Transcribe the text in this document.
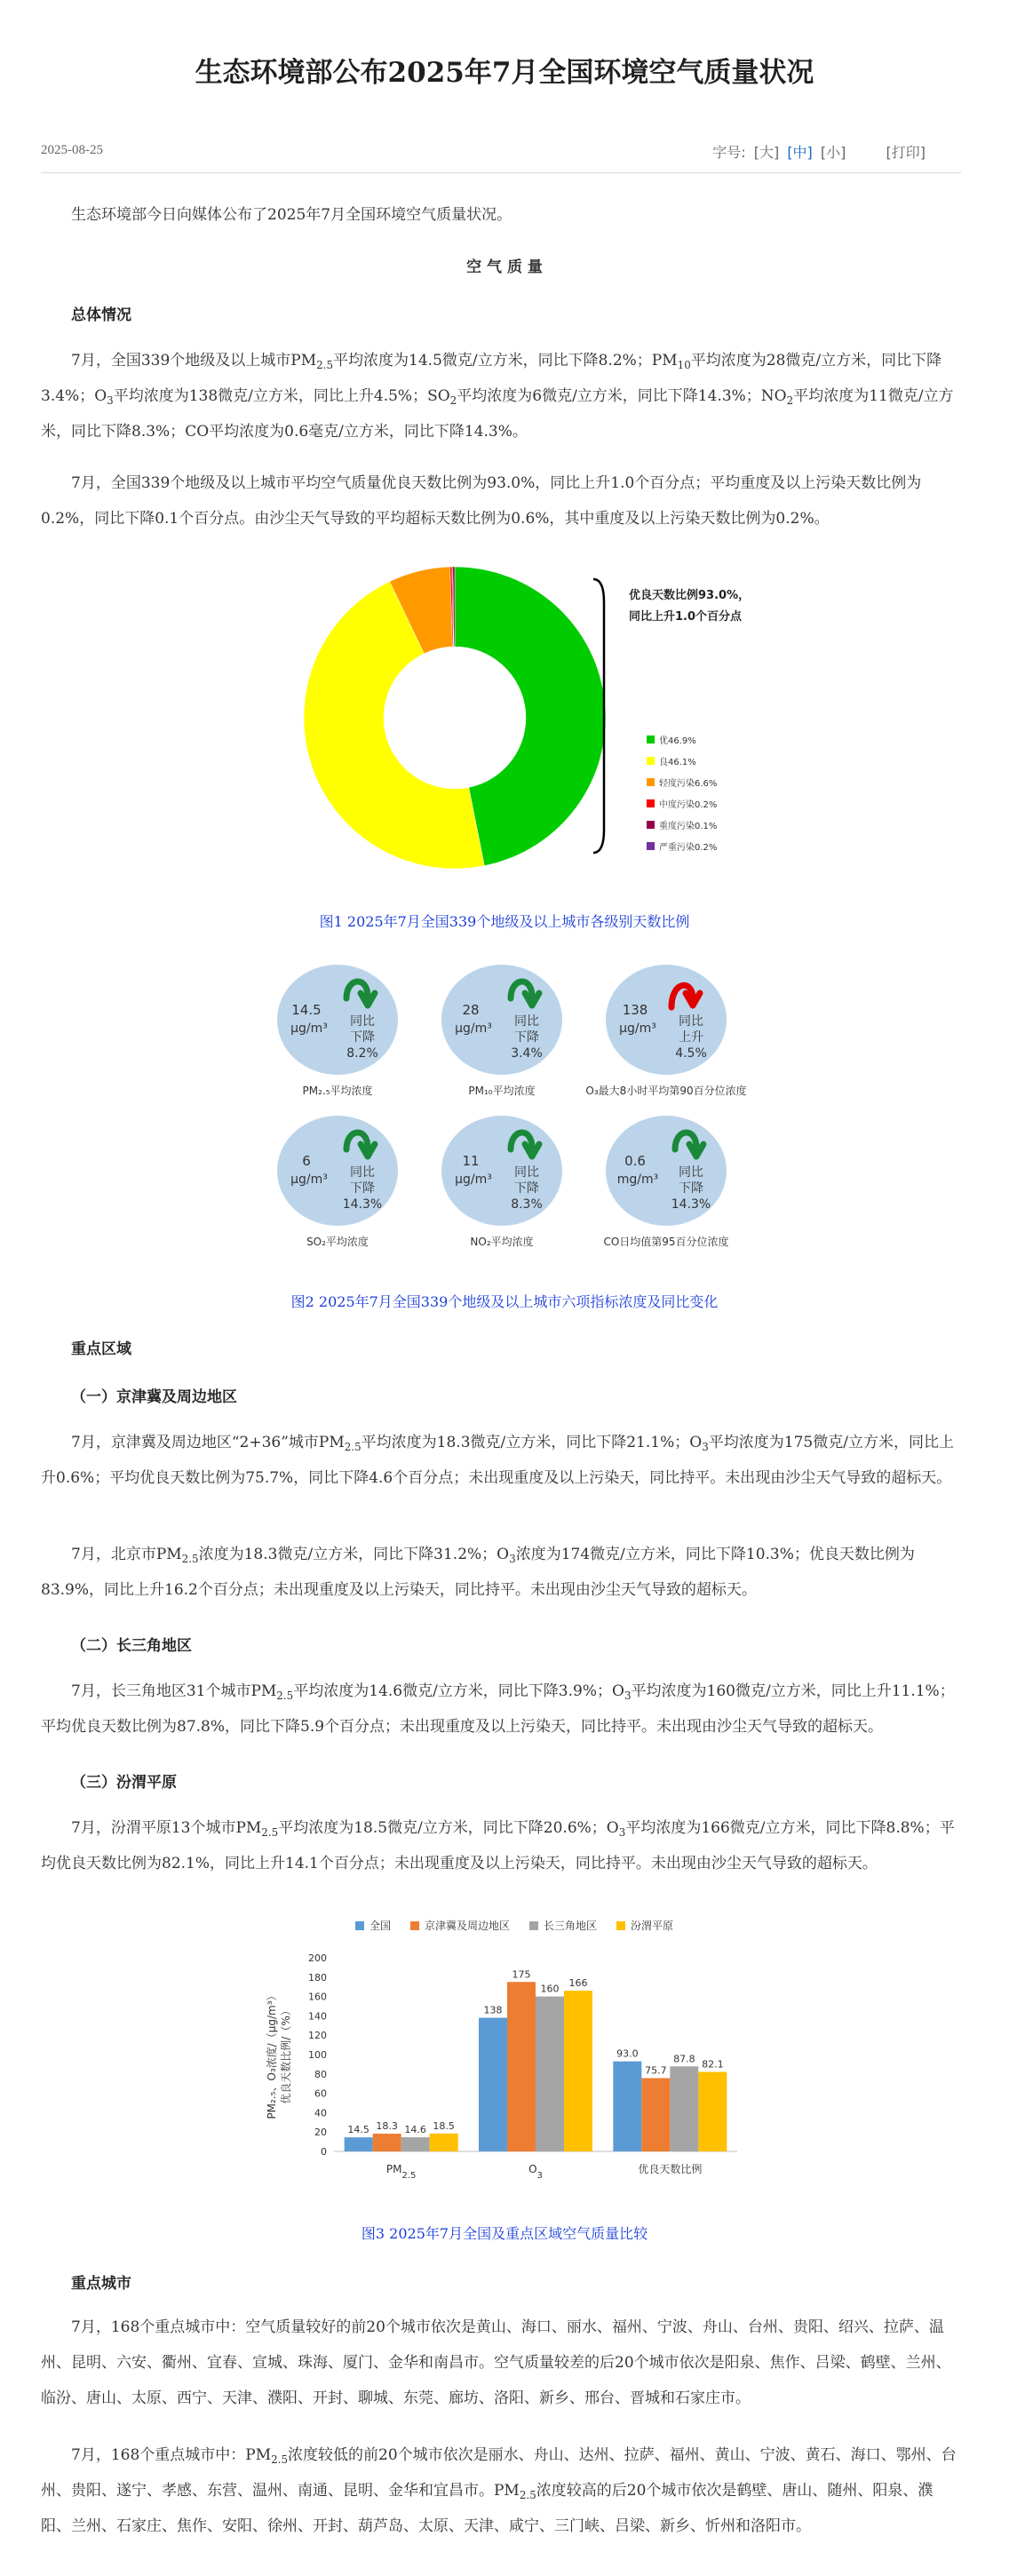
生态环境部公布2025年7月全国环境空气质量状况
2025-08-25	字号: [大] [中] [小]	[打印]
生态环境部今日向媒体公布了2025年7月全国环境空气质量状况。
空 气 质 量
总体情况
7月，全国339个地级及以上城市$PM_{2.5}$平均浓度为14.5微克/立方米，同比下降8.2%；$PM_{10}$平均浓度为28微克/立方米，同比下降3.4%；$O_3$平均浓度为138微克/立方米，同比上升4.5%；$SO_2$平均浓度为6微克/立方米，同比下降14.3%；$NO_2$平均浓度为11微克/立方米，同比下降8.3%；CO平均浓度为0.6毫克/立方米，同比下降14.3%。
7月，全国339个地级及以上城市平均空气质量优良天数比例为93.0%，同比上升1.0个百分点；平均重度及以上污染天数比例为0.2%，同比下降0.1个百分点。由沙尘天气导致的平均超标天数比例为0.6%，其中重度及以上污染天数比例为0.2%。
优良天数比例93.0%，
同比上升1.0个百分点
优46.9%
良46.1%
轻度污染6.6%
中度污染0.2%
重度污染0.1%
严重污染0.2%
图1 2025年7月全国339个地级及以上城市各级别天数比例
14.5
μg/m³ 同比
下降
8.2%
PM₂.₅平均浓度
28
μg/m³ 同比
下降
3.4%
PM₁₀平均浓度
138
μg/m³ 同比
上升
4.5%
O₃最大8小时平均第90百分位浓度
6
μg/m³ 同比
下降
14.3%
SO₂平均浓度
11
μg/m³ 同比
下降
8.3%
NO₂平均浓度
0.6
mg/m³ 同比
下降
14.3%
CO日均值第95百分位浓度
图2 2025年7月全国339个地级及以上城市六项指标浓度及同比变化
重点区域
（一）京津冀及周边地区
7月，京津冀及周边地区“2+36”城市$PM_{2.5}$平均浓度为18.3微克/立方米，同比下降21.1%；$O_3$平均浓度为175微克/立方米，同比上升0.6%；平均优良天数比例为75.7%，同比下降4.6个百分点；未出现重度及以上污染天，同比持平。未出现由沙尘天气导致的超标天。
7月，北京市$PM_{2.5}$浓度为18.3微克/立方米，同比下降31.2%；$O_3$浓度为174微克/立方米，同比下降10.3%；优良天数比例为83.9%，同比上升16.2个百分点；未出现重度及以上污染天，同比持平。未出现由沙尘天气导致的超标天。
（二）长三角地区
7月，长三角地区31个城市$PM_{2.5}$平均浓度为14.6微克/立方米，同比下降3.9%；$O_3$平均浓度为160微克/立方米，同比上升11.1%；平均优良天数比例为87.8%，同比下降5.9个百分点；未出现重度及以上污染天，同比持平。未出现由沙尘天气导致的超标天。
（三）汾渭平原
7月，汾渭平原13个城市$PM_{2.5}$平均浓度为18.5微克/立方米，同比下降20.6%；$O_3$平均浓度为166微克/立方米，同比下降8.8%；平均优良天数比例为82.1%，同比上升14.1个百分点；未出现重度及以上污染天，同比持平。未出现由沙尘天气导致的超标天。
全国	京津冀及周边地区	长三角地区	汾渭平原
0
20
40
60
80
100
120
140
160
180
200
PM₂.₅、O₃浓度/（μg/m³） 优良天数比例/（%）
14.5 18.3 14.6 18.5
$PM_{2.5}$
138
175
160
166
$O_3$
93.0
75.7
87.8 82.1
优良天数比例
图3 2025年7月全国及重点区域空气质量比较
重点城市
7月，168个重点城市中：空气质量较好的前20个城市依次是黄山、海口、丽水、福州、宁波、舟山、台州、贵阳、绍兴、拉萨、温州、昆明、六安、衢州、宜春、宣城、珠海、厦门、金华和南昌市。空气质量较差的后20个城市依次是阳泉、焦作、吕梁、鹤壁、兰州、临汾、唐山、太原、西宁、天津、濮阳、开封、聊城、东莞、廊坊、洛阳、新乡、邢台、晋城和石家庄市。
7月，168个重点城市中：$PM_{2.5}$浓度较低的前20个城市依次是丽水、舟山、达州、拉萨、福州、黄山、宁波、黄石、海口、鄂州、台州、贵阳、遂宁、孝感、东营、温州、南通、昆明、金华和宜昌市。$PM_{2.5}$浓度较高的后20个城市依次是鹤壁、唐山、随州、阳泉、濮阳、兰州、石家庄、焦作、安阳、徐州、开封、葫芦岛、太原、天津、咸宁、三门峡、吕梁、新乡、忻州和洛阳市。
